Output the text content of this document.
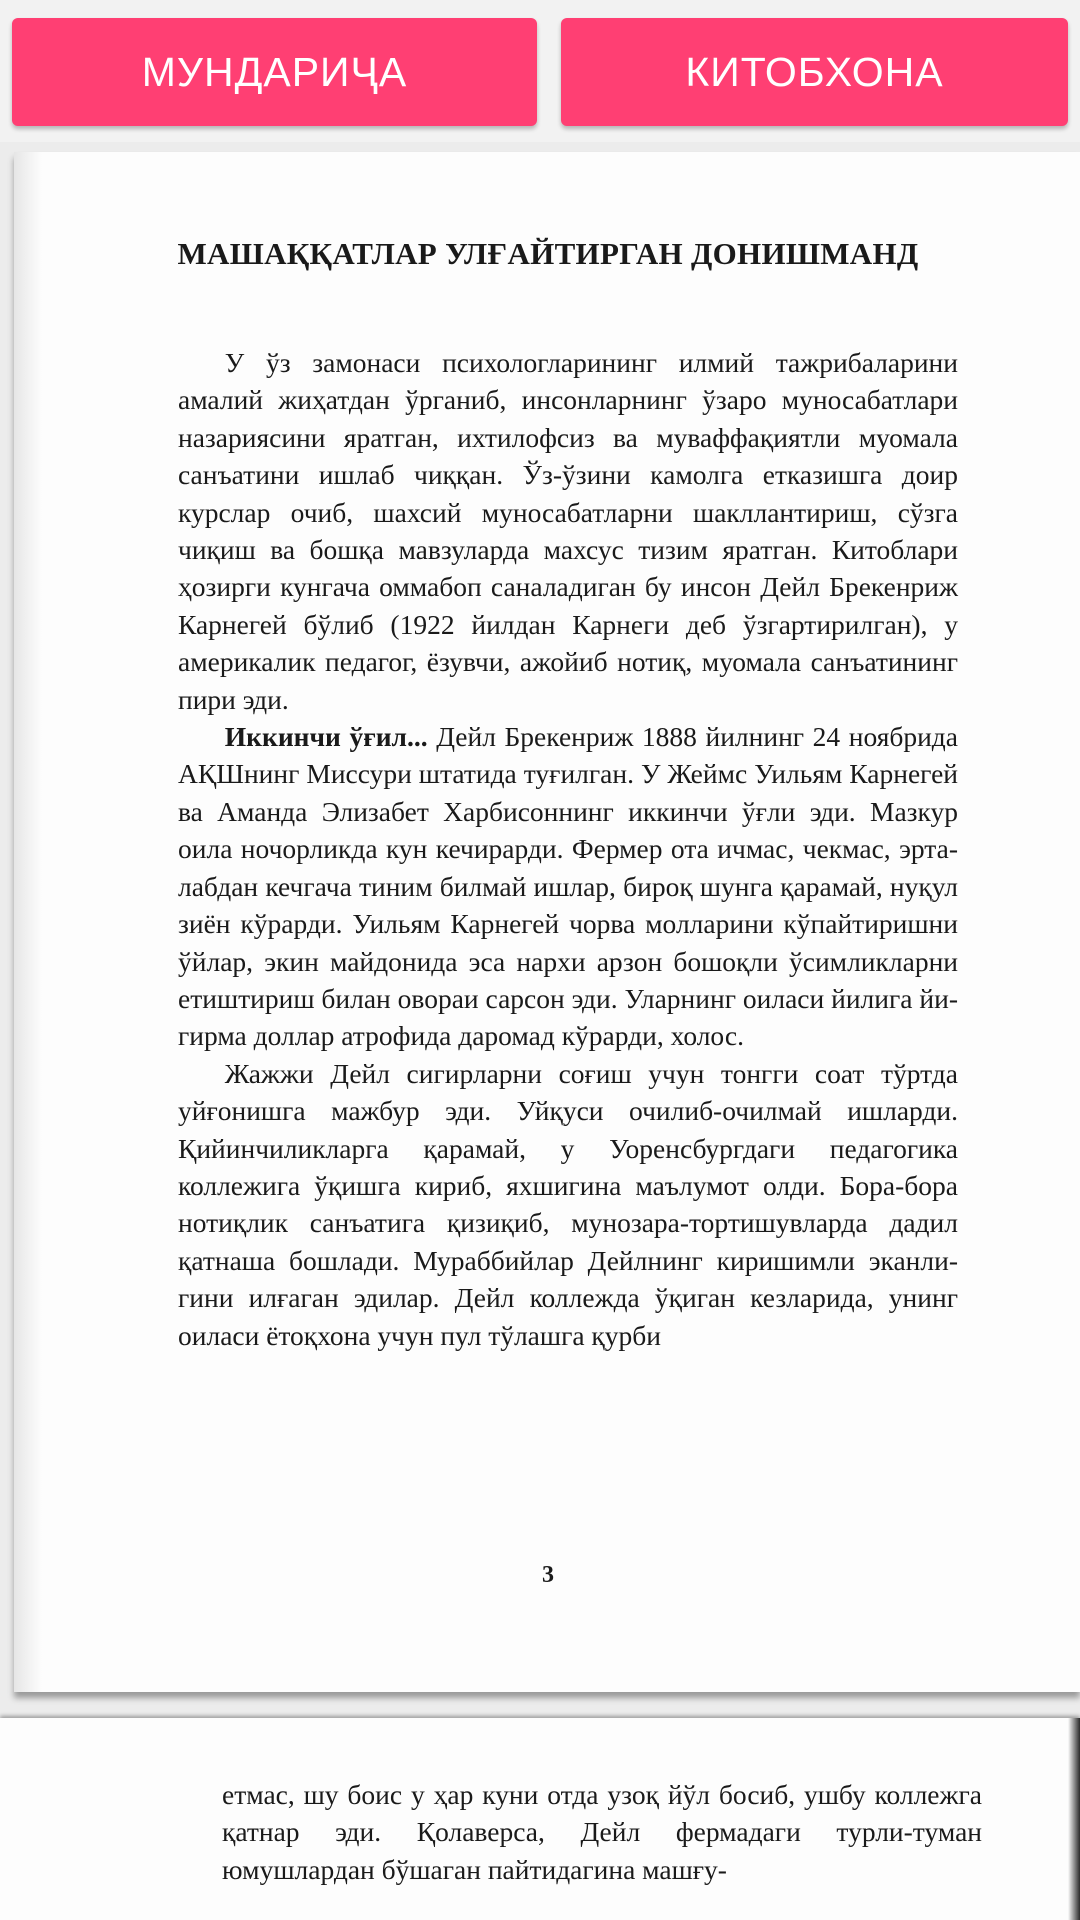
МУНДАРИҶА	КИТОБХОНА
МАШАҚҚАТЛАР УЛҒАЙТИРГАН ДОНИШМАНД

У ўз замонаси психологларининг илмий тажрибаларини амалий жиҳатдан ўрганиб, инсонларнинг ўзаро муносабатлари назариясини яратган, ихтилофсиз ва муваффақиятли муомала санъатини ишлаб чиққан. Ўз-ўзини камолга етказишга доир курслар очиб, шахсий муносабатларни шакллантириш, сўзга чиқиш ва бошқа мавзуларда махсус тизим яратган. Китоблари ҳозирги кунгача оммабоп саналадиган бу инсон Дейл Брекенриж Карнегей бўлиб (1922 йилдан Карнеги деб ўзгартирилган), у америкалик педагог, ёзувчи, ажойиб нотиқ, муомала санъатининг пири эди.

Иккинчи ўғил... Дейл Брекенриж 1888 йилнинг 24 ноябрида АҚШнинг Миссури штатида туғилган. У Жеймс Уильям Карнегей ва Аманда Элизабет Харбисоннинг иккинчи ўғли эди. Мазкур оила ночорликда кун кечирарди. Фермер ота ичмас, чекмас, эрталабдан кечгача тиним билмай ишлар, бироқ шунга қарамай, нуқул зиён кўрарди. Уильям Карнегей чорва молларини кўпайтиришни ўйлар, экин майдонида эса нархи арзон бошоқли ўсимликларни етиштириш билан овораи сарсон эди. Уларнинг оиласи йилига йигирма доллар атрофида даромад кўрарди, холос.

Жажжи Дейл сигирларни соғиш учун тонгги соат тўртда уйғонишга мажбур эди. Уйқуси очилиб-очилмай ишларди. Қийинчиликларга қарамай, у Уоренсбургдаги педагогика коллежига ўқишга кириб, яхшигина маълумот олди. Бора-бора нотиқлик санъатига қизиқиб, мунозара-тортишувларда дадил қатнаша бошлади. Мураббийлар Дейлнинг киришимли эканлигини илғаган эдилар. Дейл коллежда ўқиган кезларида, унинг оиласи ётоқхона учун пул тўлашга қурби

3

етмас, шу боис у ҳар куни отда узоқ йўл босиб, ушбу коллежга қатнар эди. Қолаверса, Дейл фермадаги турли-туман юмушлардан бўшаган пайтидагина машғу-
